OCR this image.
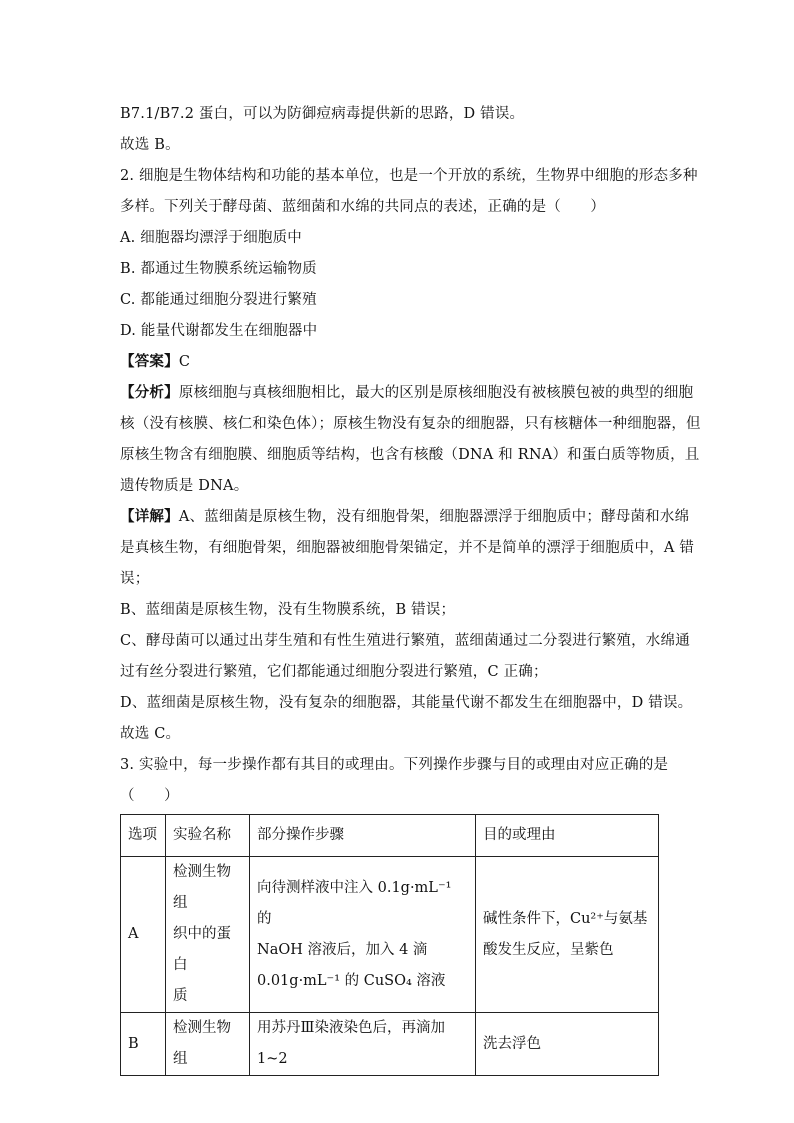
B7.1/B7.2 蛋白，可以为防御痘病毒提供新的思路，D 错误。
故选 B。
2. 细胞是生物体结构和功能的基本单位，也是一个开放的系统，生物界中细胞的形态多种
多样。下列关于酵母菌、蓝细菌和水绵的共同点的表述，正确的是（　　）
A. 细胞器均漂浮于细胞质中
B. 都通过生物膜系统运输物质
C. 都能通过细胞分裂进行繁殖
D. 能量代谢都发生在细胞器中
【答案】C
【分析】原核细胞与真核细胞相比，最大的区别是原核细胞没有被核膜包被的典型的细胞
核（没有核膜、核仁和染色体）；原核生物没有复杂的细胞器，只有核糖体一种细胞器，但
原核生物含有细胞膜、细胞质等结构，也含有核酸（DNA 和 RNA）和蛋白质等物质，且
遗传物质是 DNA。
【详解】A、蓝细菌是原核生物，没有细胞骨架，细胞器漂浮于细胞质中；酵母菌和水绵
是真核生物，有细胞骨架，细胞器被细胞骨架锚定，并不是简单的漂浮于细胞质中，A 错
误；
B、蓝细菌是原核生物，没有生物膜系统，B 错误；
C、酵母菌可以通过出芽生殖和有性生殖进行繁殖，蓝细菌通过二分裂进行繁殖，水绵通
过有丝分裂进行繁殖，它们都能通过细胞分裂进行繁殖，C 正确；
D、蓝细菌是原核生物，没有复杂的细胞器，其能量代谢不都发生在细胞器中，D 错误。
故选 C。
3. 实验中，每一步操作都有其目的或理由。下列操作步骤与目的或理由对应正确的是
（　　）
选项	实验名称	部分操作步骤	目的或理由
A	检测生物组
织中的蛋白
质	向待测样液中注入 0.1g·mL⁻¹ 的
NaOH 溶液后，加入 4 滴
0.01g·mL⁻¹ 的 CuSO₄ 溶液	碱性条件下，Cu²⁺与氨基
酸发生反应，呈紫色
B	检测生物组	用苏丹Ⅲ染液染色后，再滴加 1~2	洗去浮色
